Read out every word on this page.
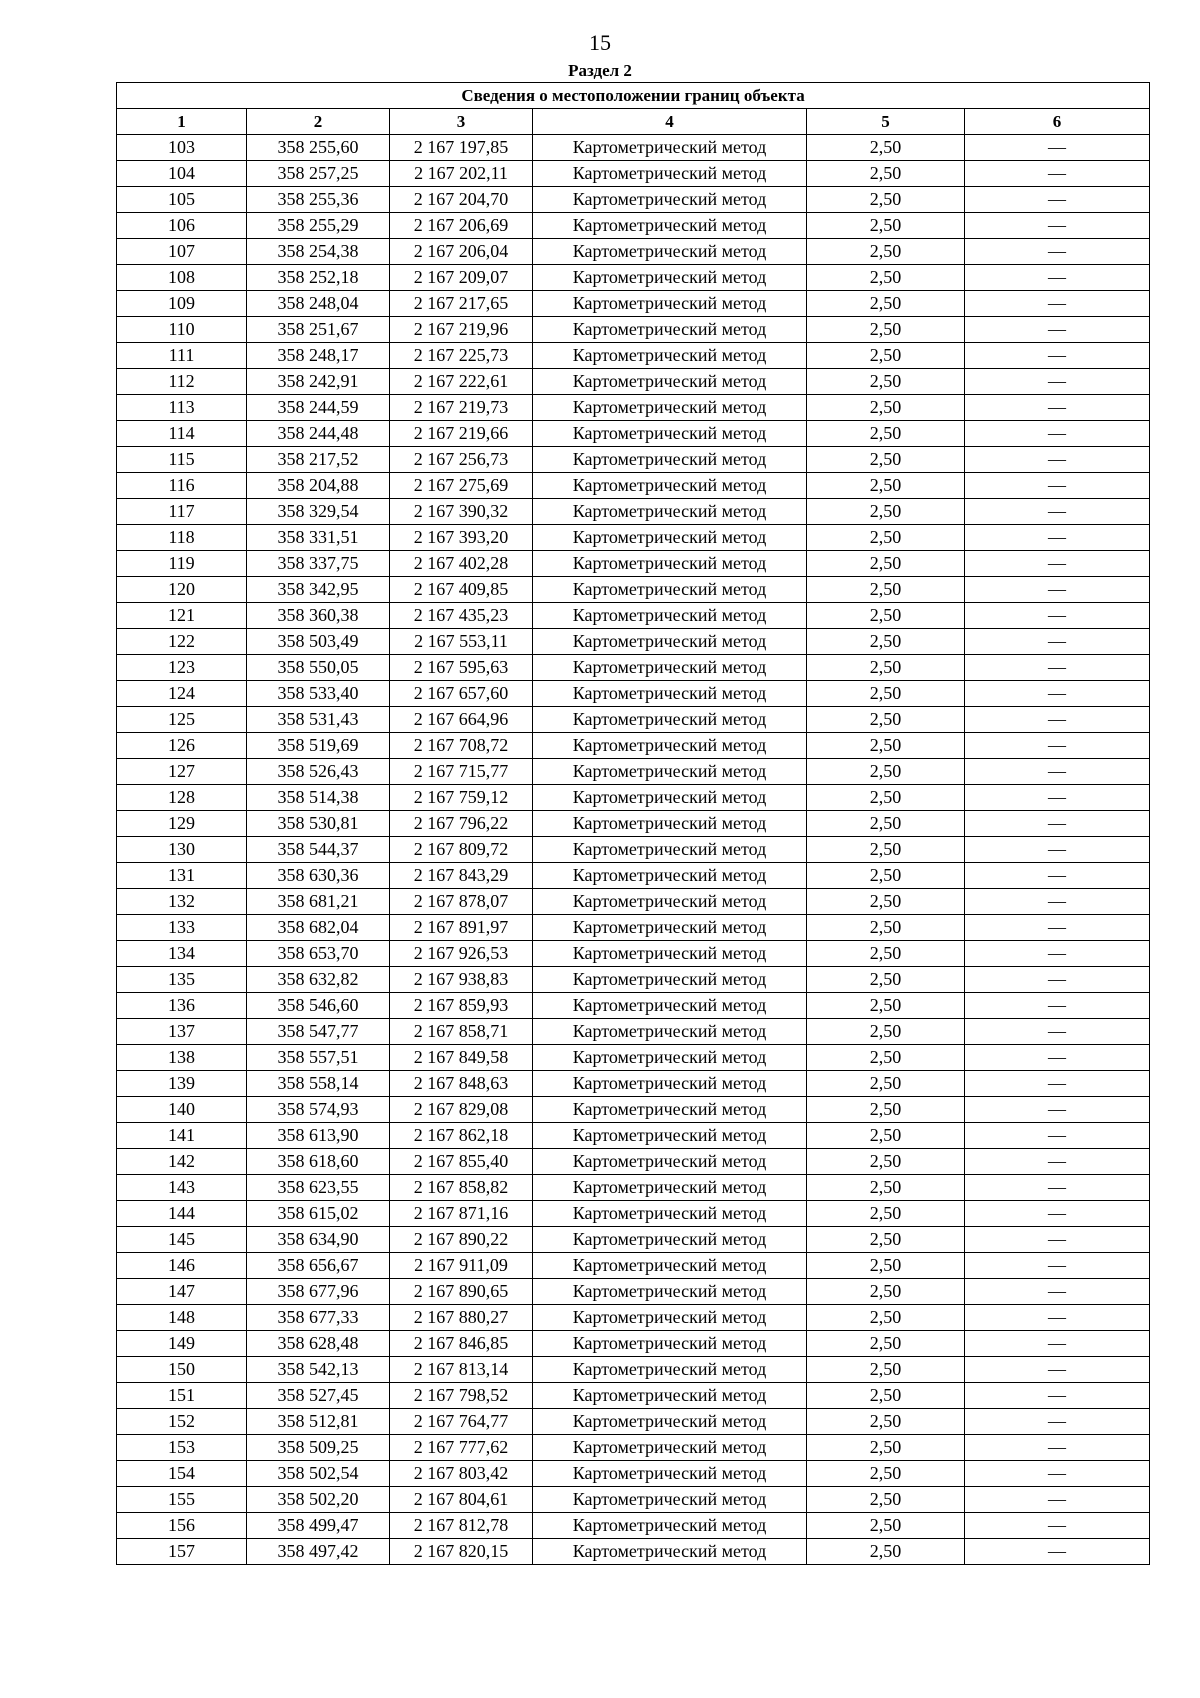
15
Раздел 2
Сведения о местоположении границ объекта					
1	2	3	4	5	6
103	358 255,60	2 167 197,85	Картометрический метод	2,50	—
104	358 257,25	2 167 202,11	Картометрический метод	2,50	—
105	358 255,36	2 167 204,70	Картометрический метод	2,50	—
106	358 255,29	2 167 206,69	Картометрический метод	2,50	—
107	358 254,38	2 167 206,04	Картометрический метод	2,50	—
108	358 252,18	2 167 209,07	Картометрический метод	2,50	—
109	358 248,04	2 167 217,65	Картометрический метод	2,50	—
110	358 251,67	2 167 219,96	Картометрический метод	2,50	—
111	358 248,17	2 167 225,73	Картометрический метод	2,50	—
112	358 242,91	2 167 222,61	Картометрический метод	2,50	—
113	358 244,59	2 167 219,73	Картометрический метод	2,50	—
114	358 244,48	2 167 219,66	Картометрический метод	2,50	—
115	358 217,52	2 167 256,73	Картометрический метод	2,50	—
116	358 204,88	2 167 275,69	Картометрический метод	2,50	—
117	358 329,54	2 167 390,32	Картометрический метод	2,50	—
118	358 331,51	2 167 393,20	Картометрический метод	2,50	—
119	358 337,75	2 167 402,28	Картометрический метод	2,50	—
120	358 342,95	2 167 409,85	Картометрический метод	2,50	—
121	358 360,38	2 167 435,23	Картометрический метод	2,50	—
122	358 503,49	2 167 553,11	Картометрический метод	2,50	—
123	358 550,05	2 167 595,63	Картометрический метод	2,50	—
124	358 533,40	2 167 657,60	Картометрический метод	2,50	—
125	358 531,43	2 167 664,96	Картометрический метод	2,50	—
126	358 519,69	2 167 708,72	Картометрический метод	2,50	—
127	358 526,43	2 167 715,77	Картометрический метод	2,50	—
128	358 514,38	2 167 759,12	Картометрический метод	2,50	—
129	358 530,81	2 167 796,22	Картометрический метод	2,50	—
130	358 544,37	2 167 809,72	Картометрический метод	2,50	—
131	358 630,36	2 167 843,29	Картометрический метод	2,50	—
132	358 681,21	2 167 878,07	Картометрический метод	2,50	—
133	358 682,04	2 167 891,97	Картометрический метод	2,50	—
134	358 653,70	2 167 926,53	Картометрический метод	2,50	—
135	358 632,82	2 167 938,83	Картометрический метод	2,50	—
136	358 546,60	2 167 859,93	Картометрический метод	2,50	—
137	358 547,77	2 167 858,71	Картометрический метод	2,50	—
138	358 557,51	2 167 849,58	Картометрический метод	2,50	—
139	358 558,14	2 167 848,63	Картометрический метод	2,50	—
140	358 574,93	2 167 829,08	Картометрический метод	2,50	—
141	358 613,90	2 167 862,18	Картометрический метод	2,50	—
142	358 618,60	2 167 855,40	Картометрический метод	2,50	—
143	358 623,55	2 167 858,82	Картометрический метод	2,50	—
144	358 615,02	2 167 871,16	Картометрический метод	2,50	—
145	358 634,90	2 167 890,22	Картометрический метод	2,50	—
146	358 656,67	2 167 911,09	Картометрический метод	2,50	—
147	358 677,96	2 167 890,65	Картометрический метод	2,50	—
148	358 677,33	2 167 880,27	Картометрический метод	2,50	—
149	358 628,48	2 167 846,85	Картометрический метод	2,50	—
150	358 542,13	2 167 813,14	Картометрический метод	2,50	—
151	358 527,45	2 167 798,52	Картометрический метод	2,50	—
152	358 512,81	2 167 764,77	Картометрический метод	2,50	—
153	358 509,25	2 167 777,62	Картометрический метод	2,50	—
154	358 502,54	2 167 803,42	Картометрический метод	2,50	—
155	358 502,20	2 167 804,61	Картометрический метод	2,50	—
156	358 499,47	2 167 812,78	Картометрический метод	2,50	—
157	358 497,42	2 167 820,15	Картометрический метод	2,50	—
